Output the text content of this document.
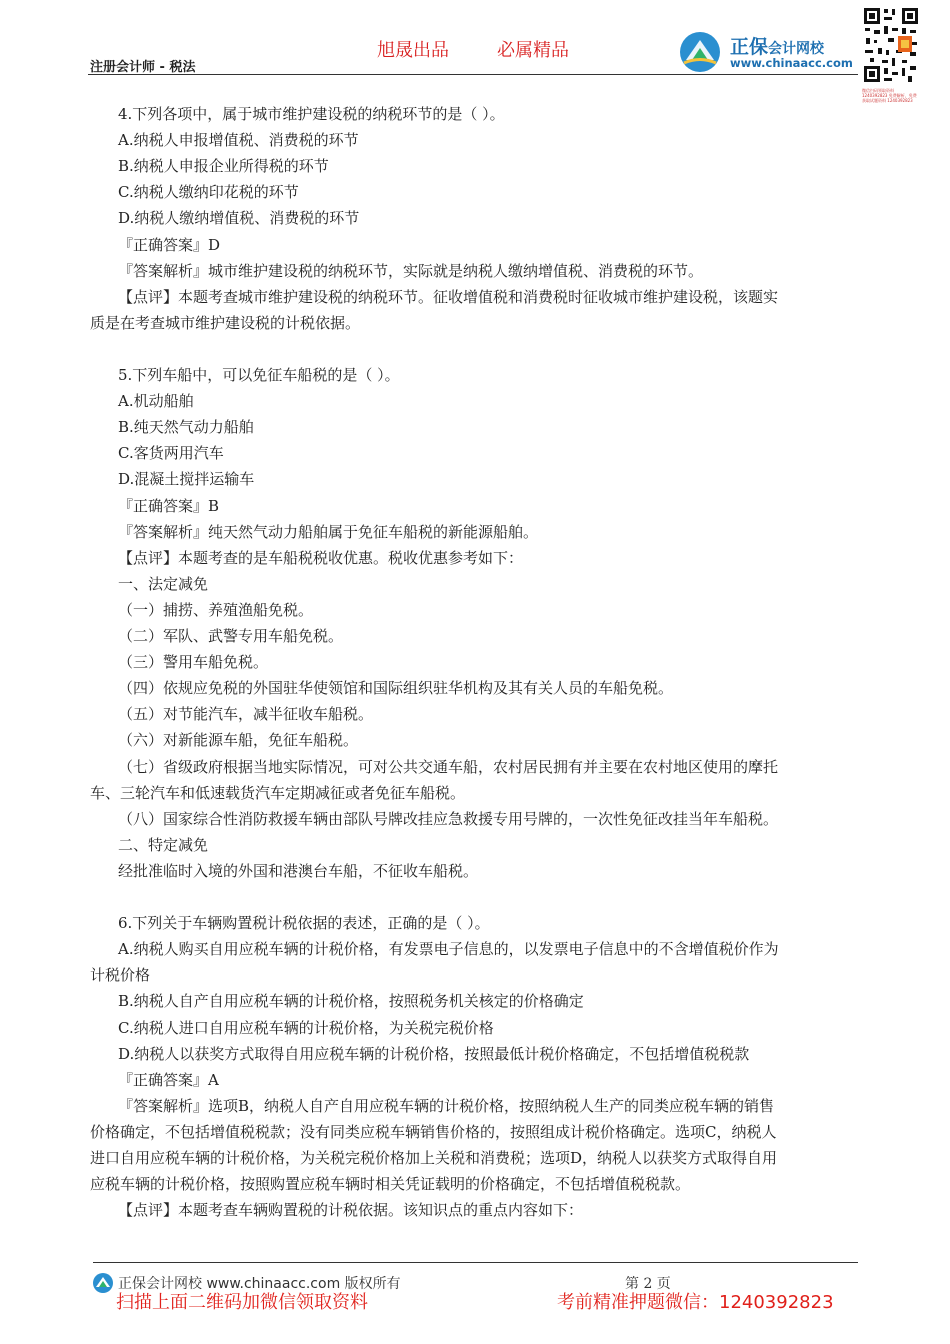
注册会计师 - 税法
旭晟出品	必属精品	正保会计网校
www.chinaacc.com
微信扫码领取资料 1240392823 免费解析，免费获取试题资料 1240392823
4.下列各项中，属于城市维护建设税的纳税环节的是（ ）。
A.纳税人申报增值税、消费税的环节
B.纳税人申报企业所得税的环节
C.纳税人缴纳印花税的环节
D.纳税人缴纳增值税、消费税的环节
『正确答案』D
『答案解析』城市维护建设税的纳税环节，实际就是纳税人缴纳增值税、消费税的环节。
【点评】本题考查城市维护建设税的纳税环节。征收增值税和消费税时征收城市维护建设税，该题实
质是在考查城市维护建设税的计税依据。
5.下列车船中，可以免征车船税的是（ ）。
A.机动船舶
B.纯天然气动力船舶
C.客货两用汽车
D.混凝土搅拌运输车
『正确答案』B
『答案解析』纯天然气动力船舶属于免征车船税的新能源船舶。
【点评】本题考查的是车船税税收优惠。税收优惠参考如下：
一、法定减免
（一）捕捞、养殖渔船免税。
（二）军队、武警专用车船免税。
（三）警用车船免税。
（四）依规应免税的外国驻华使领馆和国际组织驻华机构及其有关人员的车船免税。
（五）对节能汽车，减半征收车船税。
（六）对新能源车船，免征车船税。
（七）省级政府根据当地实际情况，可对公共交通车船，农村居民拥有并主要在农村地区使用的摩托
车、三轮汽车和低速载货汽车定期减征或者免征车船税。
（八）国家综合性消防救援车辆由部队号牌改挂应急救援专用号牌的，一次性免征改挂当年车船税。
二、特定减免
经批准临时入境的外国和港澳台车船，不征收车船税。
6.下列关于车辆购置税计税依据的表述，正确的是（ ）。
A.纳税人购买自用应税车辆的计税价格，有发票电子信息的，以发票电子信息中的不含增值税价作为
计税价格
B.纳税人自产自用应税车辆的计税价格，按照税务机关核定的价格确定
C.纳税人进口自用应税车辆的计税价格，为关税完税价格
D.纳税人以获奖方式取得自用应税车辆的计税价格，按照最低计税价格确定，不包括增值税税款
『正确答案』A
『答案解析』选项B，纳税人自产自用应税车辆的计税价格，按照纳税人生产的同类应税车辆的销售
价格确定，不包括增值税税款；没有同类应税车辆销售价格的，按照组成计税价格确定。选项C，纳税人
进口自用应税车辆的计税价格，为关税完税价格加上关税和消费税；选项D，纳税人以获奖方式取得自用
应税车辆的计税价格，按照购置应税车辆时相关凭证载明的价格确定，不包括增值税税款。
【点评】本题考查车辆购置税的计税依据。该知识点的重点内容如下：
正保会计网校 www.chinaacc.com 版权所有	第 2 页
扫描上面二维码加微信领取资料	考前精准押题微信：1240392823
